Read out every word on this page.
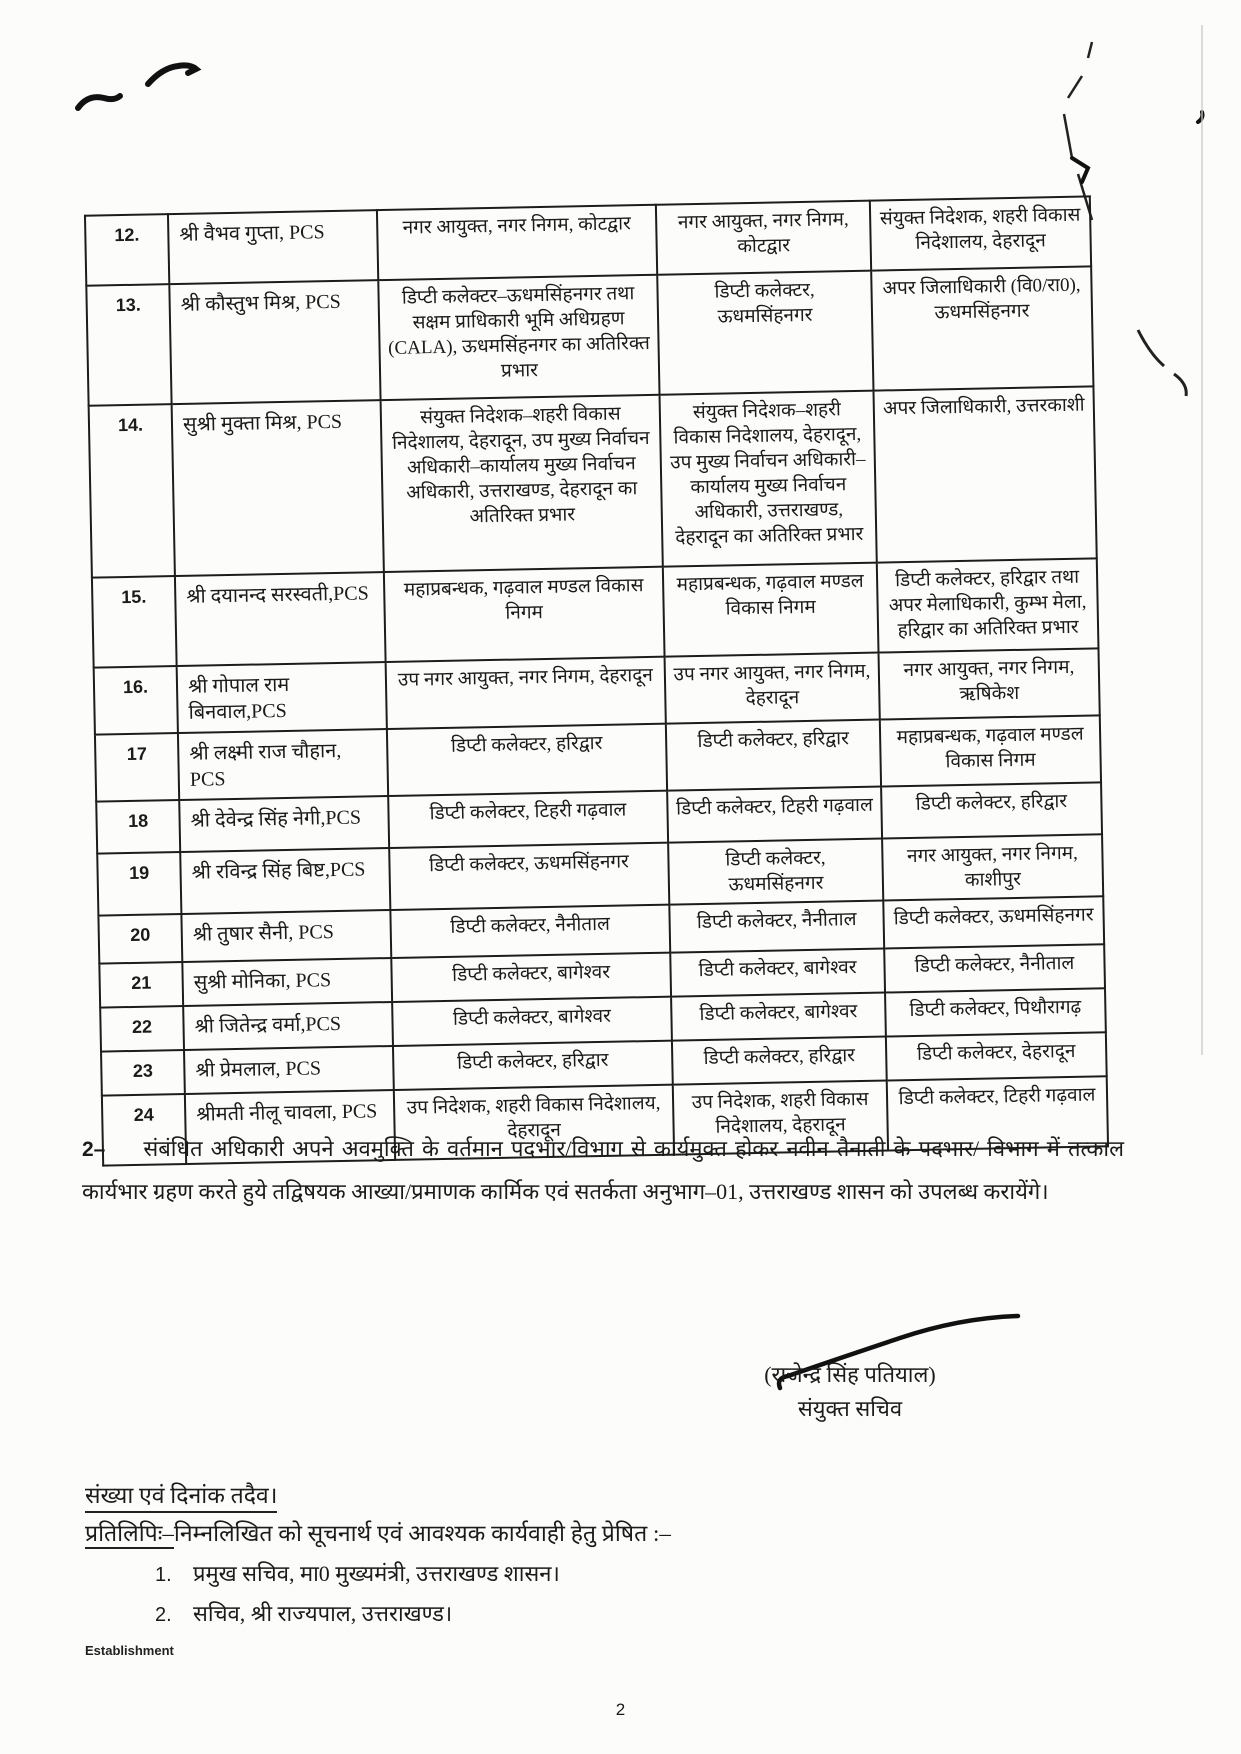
12.	श्री वैभव गुप्ता, PCS	नगर आयुक्त, नगर निगम, कोटद्वार	नगर आयुक्त, नगर निगम, कोटद्वार	संयुक्त निदेशक, शहरी विकास निदेशालय, देहरादून
13.	श्री कौस्तुभ मिश्र, PCS	डिप्टी कलेक्टर–ऊधमसिंहनगर तथा सक्षम प्राधिकारी भूमि अधिग्रहण (CALA), ऊधमसिंहनगर का अतिरिक्त प्रभार	डिप्टी कलेक्टर, ऊधमसिंहनगर	अपर जिलाधिकारी (वि0/रा0), ऊधमसिंहनगर
14.	सुश्री मुक्ता मिश्र, PCS	संयुक्त निदेशक–शहरी विकास निदेशालय, देहरादून, उप मुख्य निर्वाचन अधिकारी–कार्यालय मुख्य निर्वाचन अधिकारी, उत्तराखण्ड, देहरादून का अतिरिक्त प्रभार	संयुक्त निदेशक–शहरी विकास निदेशालय, देहरादून, उप मुख्य निर्वाचन अधिकारी– कार्यालय मुख्य निर्वाचन अधिकारी, उत्तराखण्ड, देहरादून का अतिरिक्त प्रभार	अपर जिलाधिकारी, उत्तरकाशी
15.	श्री दयानन्द सरस्वती,PCS	महाप्रबन्धक, गढ़वाल मण्डल विकास निगम	महाप्रबन्धक, गढ़वाल मण्डल विकास निगम	डिप्टी कलेक्टर, हरिद्वार तथा अपर मेलाधिकारी, कुम्भ मेला, हरिद्वार का अतिरिक्त प्रभार
16.	श्री गोपाल राम बिनवाल,PCS	उप नगर आयुक्त, नगर निगम, देहरादून	उप नगर आयुक्त, नगर निगम, देहरादून	नगर आयुक्त, नगर निगम, ऋषिकेश
17	श्री लक्ष्मी राज चौहान, PCS	डिप्टी कलेक्टर, हरिद्वार	डिप्टी कलेक्टर, हरिद्वार	महाप्रबन्धक, गढ़वाल मण्डल विकास निगम
18	श्री देवेन्द्र सिंह नेगी,PCS	डिप्टी कलेक्टर, टिहरी गढ़वाल	डिप्टी कलेक्टर, टिहरी गढ़वाल	डिप्टी कलेक्टर, हरिद्वार
19	श्री रविन्द्र सिंह बिष्ट,PCS	डिप्टी कलेक्टर, ऊधमसिंहनगर	डिप्टी कलेक्टर, ऊधमसिंहनगर	नगर आयुक्त, नगर निगम, काशीपुर
20	श्री तुषार सैनी, PCS	डिप्टी कलेक्टर, नैनीताल	डिप्टी कलेक्टर, नैनीताल	डिप्टी कलेक्टर, ऊधमसिंहनगर
21	सुश्री मोनिका, PCS	डिप्टी कलेक्टर, बागेश्वर	डिप्टी कलेक्टर, बागेश्वर	डिप्टी कलेक्टर, नैनीताल
22	श्री जितेन्द्र वर्मा,PCS	डिप्टी कलेक्टर, बागेश्वर	डिप्टी कलेक्टर, बागेश्वर	डिप्टी कलेक्टर, पिथौरागढ़
23	श्री प्रेमलाल, PCS	डिप्टी कलेक्टर, हरिद्वार	डिप्टी कलेक्टर, हरिद्वार	डिप्टी कलेक्टर, देहरादून
24	श्रीमती नीलू चावला, PCS	उप निदेशक, शहरी विकास निदेशालय, देहरादून	उप निदेशक, शहरी विकास निदेशालय, देहरादून	डिप्टी कलेक्टर, टिहरी गढ़वाल
2– संबंधित अधिकारी अपने अवमुक्ति के वर्तमान पदभार/विभाग से कार्यमुक्त होकर नवीन तैनाती के पदभार/ विभाग में तत्काल कार्यभार ग्रहण करते हुये तद्विषयक आख्या/प्रमाणक कार्मिक एवं सतर्कता अनुभाग–01, उत्तराखण्ड शासन को उपलब्ध करायेंगे।
(राजेन्द्र सिंह पतियाल)
संयुक्त सचिव
संख्या एवं दिनांक तदैव।
प्रतिलिपिः–निम्नलिखित को सूचनार्थ एवं आवश्यक कार्यवाही हेतु प्रेषित :–
1. प्रमुख सचिव, मा0 मुख्यमंत्री, उत्तराखण्ड शासन।
2. सचिव, श्री राज्यपाल, उत्तराखण्ड।
Establishment
2
